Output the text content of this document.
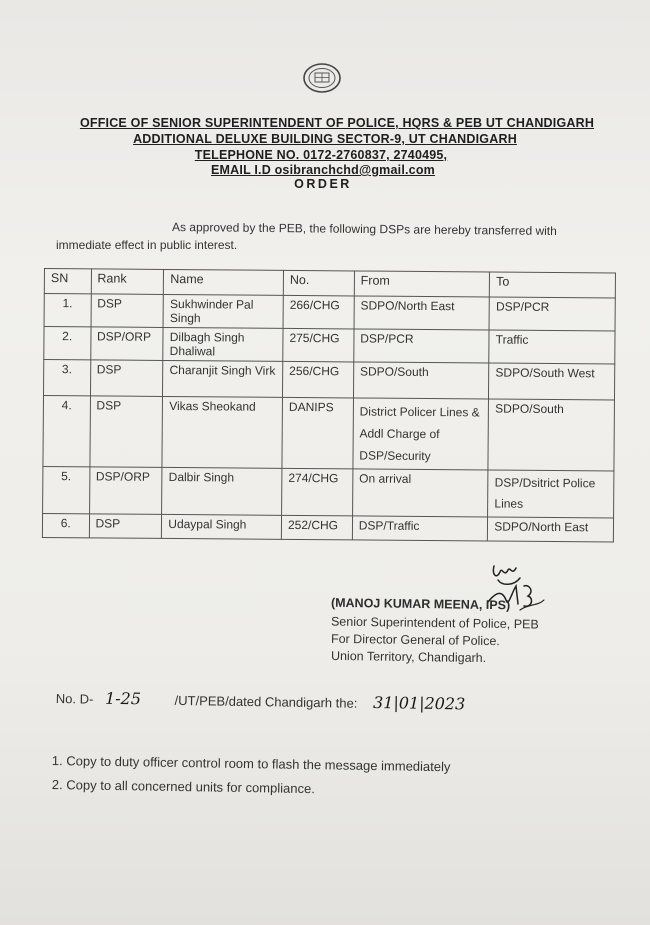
OFFICE OF SENIOR SUPERINTENDENT OF POLICE, HQRS & PEB UT CHANDIGARH
ADDITIONAL DELUXE BUILDING SECTOR-9, UT CHANDIGARH
TELEPHONE NO. 0172-2760837, 2740495,
EMAIL I.D osibranchchd@gmail.com
ORDER
As approved by the PEB, the following DSPs are hereby transferred with
immediate effect in public interest.
SN	Rank	Name	No.	From	To
1.	DSP	Sukhwinder Pal Singh	266/CHG	SDPO/North East	DSP/PCR
2.	DSP/ORP	Dilbagh Singh Dhaliwal	275/CHG	DSP/PCR	Traffic
3.	DSP	Charanjit Singh Virk	256/CHG	SDPO/South	SDPO/South West
4.	DSP	Vikas Sheokand	DANIPS	District Policer Lines & Addl Charge of DSP/Security	SDPO/South
5.	DSP/ORP	Dalbir Singh	274/CHG	On arrival	DSP/Dsitrict Police Lines
6.	DSP	Udaypal Singh	252/CHG	DSP/Traffic	SDPO/North East
(MANOJ KUMAR MEENA, IPS)
Senior Superintendent of Police, PEB
For Director General of Police.
Union Territory, Chandigarh.
No. D- 1-25	/UT/PEB/dated Chandigarh the: 31|01|2023
1. Copy to duty officer control room to flash the message immediately
2. Copy to all concerned units for compliance.
